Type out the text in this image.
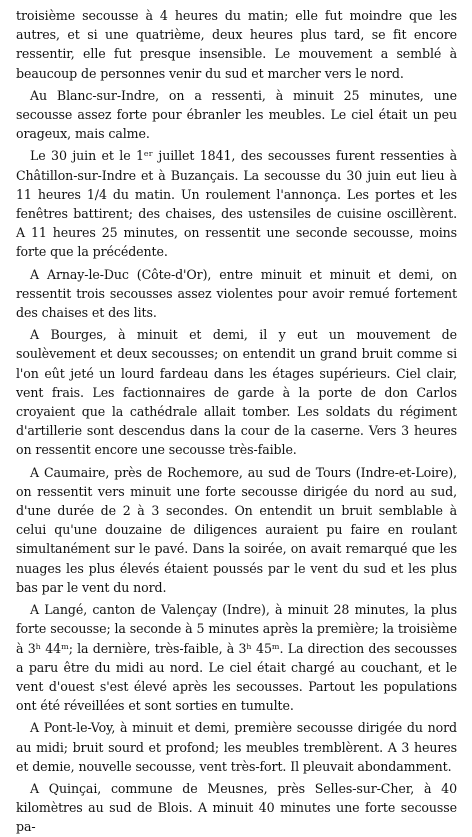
troisième secousse à 4 heures du matin; elle fut moindre que les autres, et si une quatrième, deux heures plus tard, se fit encore ressentir, elle fut presque insensible. Le mouvement a semblé à beaucoup de personnes venir du sud et marcher vers le nord.

Au Blanc-sur-Indre, on a ressenti, à minuit 25 minutes, une secousse assez forte pour ébranler les meubles. Le ciel était un peu orageux, mais calme.

Le 30 juin et le 1ᵉʳ juillet 1841, des secousses furent ressenties à Châtillon-sur-Indre et à Buzançais. La secousse du 30 juin eut lieu à 11 heures 1/4 du matin. Un roulement l'annonça. Les portes et les fenêtres battirent; des chaises, des ustensiles de cuisine oscillèrent. A 11 heures 25 minutes, on ressentit une seconde secousse, moins forte que la précédente.

A Arnay-le-Duc (Côte-d'Or), entre minuit et minuit et demi, on ressentit trois secousses assez violentes pour avoir remué fortement des chaises et des lits.

A Bourges, à minuit et demi, il y eut un mouvement de soulèvement et deux secousses; on entendit un grand bruit comme si l'on eût jeté un lourd fardeau dans les étages supérieurs. Ciel clair, vent frais. Les factionnaires de garde à la porte de don Carlos croyaient que la cathédrale allait tomber. Les soldats du régiment d'artillerie sont descendus dans la cour de la caserne. Vers 3 heures on ressentit encore une secousse très-faible.

A Caumaire, près de Rochemore, au sud de Tours (Indre-et-Loire), on ressentit vers minuit une forte secousse dirigée du nord au sud, d'une durée de 2 à 3 secondes. On entendit un bruit semblable à celui qu'une douzaine de diligences auraient pu faire en roulant simultanément sur le pavé. Dans la soirée, on avait remarqué que les nuages les plus élevés étaient poussés par le vent du sud et les plus bas par le vent du nord.

A Langé, canton de Valençay (Indre), à minuit 28 minutes, la plus forte secousse; la seconde à 5 minutes après la première; la troisième à 3ʰ 44ᵐ; la dernière, très-faible, à 3ʰ 45ᵐ. La direction des secousses a paru être du midi au nord. Le ciel était chargé au couchant, et le vent d'ouest s'est élevé après les secousses. Partout les populations ont été réveillées et sont sorties en tumulte.

A Pont-le-Voy, à minuit et demi, première secousse dirigée du nord au midi; bruit sourd et profond; les meubles tremblèrent. A 3 heures et demie, nouvelle secousse, vent très-fort. Il pleuvait abondamment.

A Quinçai, commune de Meusnes, près Selles-sur-Cher, à 40 kilomètres au sud de Blois. A minuit 40 minutes une forte secousse pa-
